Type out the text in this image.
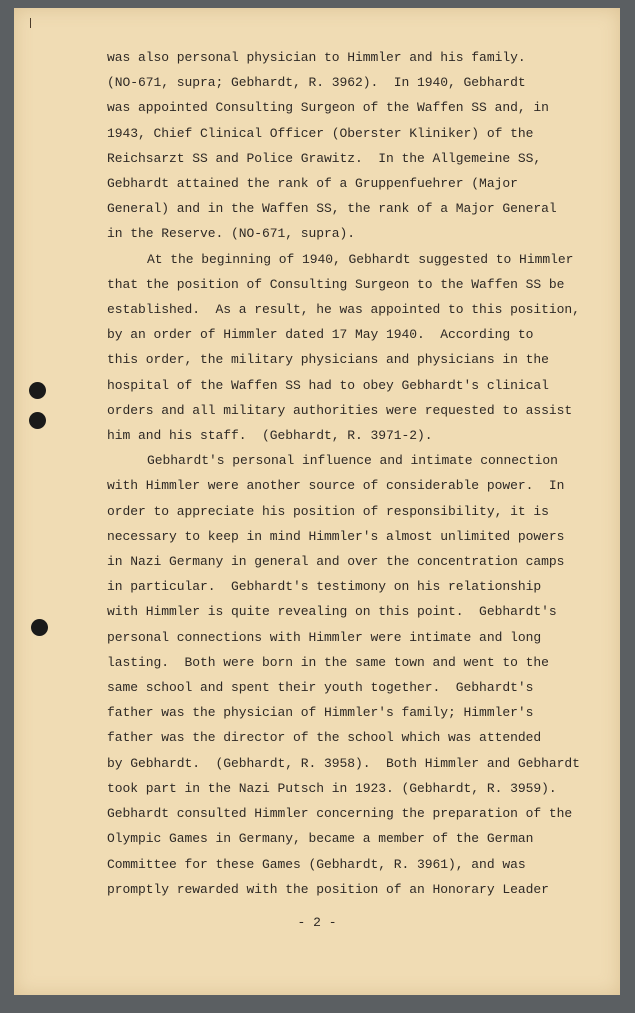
was also personal physician to Himmler and his family.
(NO-671, supra; Gebhardt, R. 3962).  In 1940, Gebhardt
was appointed Consulting Surgeon of the Waffen SS and, in
1943, Chief Clinical Officer (Oberster Kliniker) of the
Reichsarzt SS and Police Grawitz.  In the Allgemeine SS,
Gebhardt attained the rank of a Gruppenfuehrer (Major
General) and in the Waffen SS, the rank of a Major General
in the Reserve. (NO-671, supra).
At the beginning of 1940, Gebhardt suggested to Himmler
that the position of Consulting Surgeon to the Waffen SS be
established.  As a result, he was appointed to this position,
by an order of Himmler dated 17 May 1940.  According to
this order, the military physicians and physicians in the
hospital of the Waffen SS had to obey Gebhardt's clinical
orders and all military authorities were requested to assist
him and his staff.  (Gebhardt, R. 3971-2).
Gebhardt's personal influence and intimate connection
with Himmler were another source of considerable power.  In
order to appreciate his position of responsibility, it is
necessary to keep in mind Himmler's almost unlimited powers
in Nazi Germany in general and over the concentration camps
in particular.  Gebhardt's testimony on his relationship
with Himmler is quite revealing on this point.  Gebhardt's
personal connections with Himmler were intimate and long
lasting.  Both were born in the same town and went to the
same school and spent their youth together.  Gebhardt's
father was the physician of Himmler's family; Himmler's
father was the director of the school which was attended
by Gebhardt.  (Gebhardt, R. 3958).  Both Himmler and Gebhardt
took part in the Nazi Putsch in 1923. (Gebhardt, R. 3959).
Gebhardt consulted Himmler concerning the preparation of the
Olympic Games in Germany, became a member of the German
Committee for these Games (Gebhardt, R. 3961), and was
promptly rewarded with the position of an Honorary Leader
- 2 -
